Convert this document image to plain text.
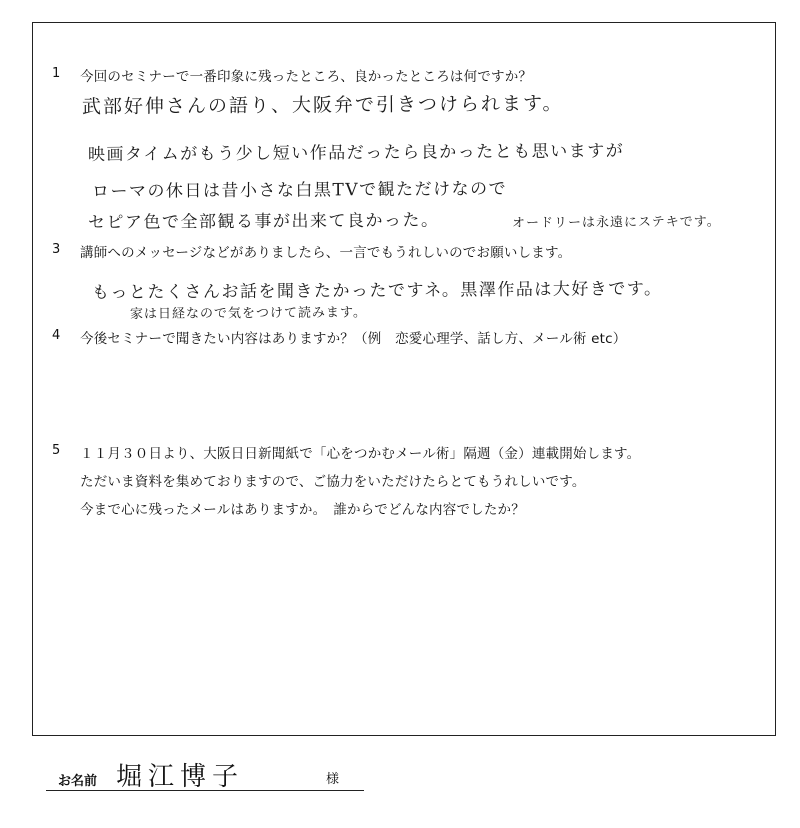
1 今回のセミナーで一番印象に残ったところ、良かったところは何ですか？
武部好伸さんの語り、大阪弁で引きつけられます。
映画タイムがもう少し短い作品だったら良かったとも思いますが
ローマの休日は昔小さな白黒TVで観ただけなので
セピア色で全部観る事が出来て良かった。	オードリーは永遠にステキです。
3 講師へのメッセージなどがありましたら、一言でもうれしいのでお願いします。
もっとたくさんお話を聞きたかったですネ。黒澤作品は大好きです。
家は日経なので気をつけて読みます。
4 今後セミナーで聞きたい内容はありますか？（例　恋愛心理学、話し方、メール術 etc）
5 １１月３０日より、大阪日日新聞紙で「心をつかむメール術」隔週（金）連載開始します。
ただいま資料を集めておりますので、ご協力をいただけたらとてもうれしいです。
今まで心に残ったメールはありますか。　誰からでどんな内容でしたか？
お名前 堀江博子	様
